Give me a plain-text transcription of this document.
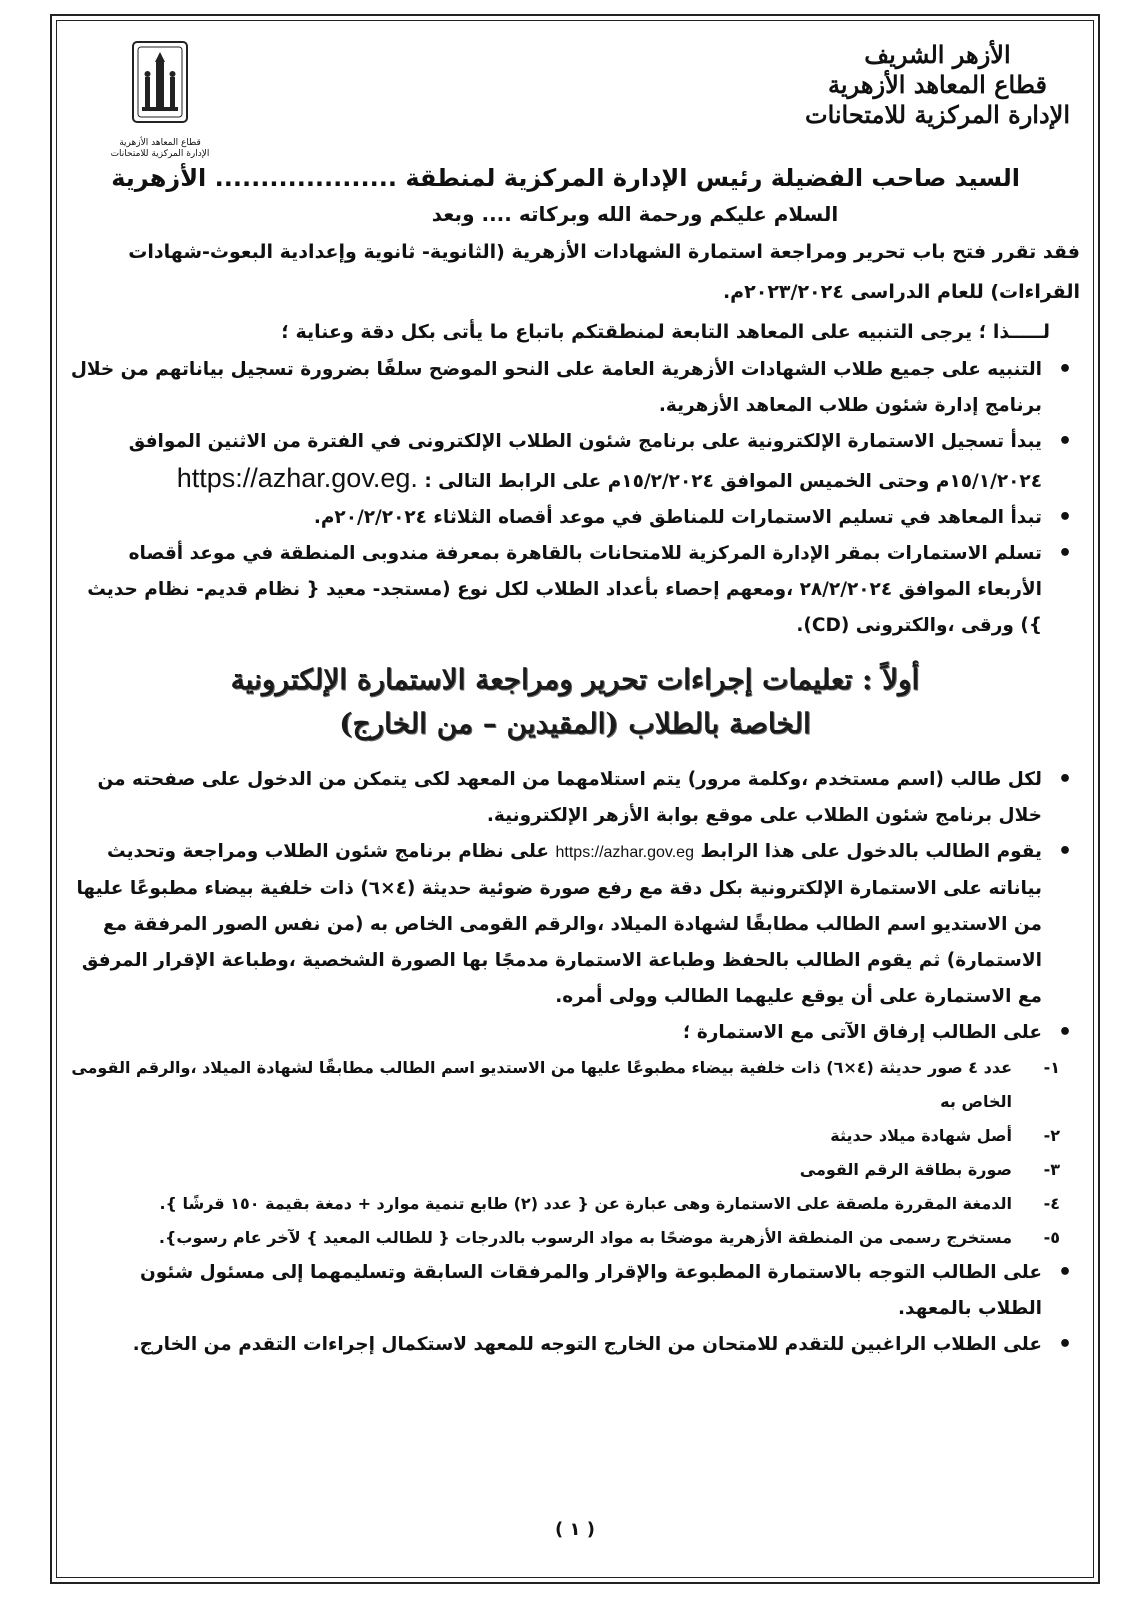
الأزهر الشريف
قطاع المعاهد الأزهرية
الإدارة المركزية للامتحانات
قطاع المعاهد الأزهرية
الإدارة المركزية للامتحانات
السيد صاحب الفضيلة رئيس الإدارة المركزية لمنطقة .................... الأزهرية
السلام عليكم ورحمة الله وبركاته .... وبعد
فقد تقرر فتح باب تحرير ومراجعة استمارة الشهادات الأزهرية (الثانوية- ثانوية وإعدادية البعوث-شهادات القراءات) للعام الدراسى ٢٠٢٣/٢٠٢٤م.
لـــــذا ؛ يرجى التنبيه على المعاهد التابعة لمنطقتكم باتباع ما يأتى بكل دقة وعناية ؛
•
التنبيه على جميع طلاب الشهادات الأزهرية العامة على النحو الموضح سلفًا بضرورة تسجيل بياناتهم من خلال برنامج إدارة شئون طلاب المعاهد الأزهرية.
•
يبدأ تسجيل الاستمارة الإلكترونية على برنامج شئون الطلاب الإلكترونى في الفترة من الاثنين الموافق ١٥/١/٢٠٢٤م وحتى الخميس الموافق ١٥/٢/٢٠٢٤م على الرابط التالى : https://azhar.gov.eg.
•
تبدأ المعاهد في تسليم الاستمارات للمناطق في موعد أقصاه الثلاثاء ٢٠/٢/٢٠٢٤م.
•
تسلم الاستمارات بمقر الإدارة المركزية للامتحانات بالقاهرة بمعرفة مندوبى المنطقة في موعد أقصاه الأربعاء الموافق ٢٨/٢/٢٠٢٤ ،ومعهم إحصاء بأعداد الطلاب لكل نوع (مستجد- معيد { نظام قديم- نظام حديث }) ورقى ،والكترونى (CD).
أولاً : تعليمات إجراءات تحرير ومراجعة الاستمارة الإلكترونية
الخاصة بالطلاب (المقيدين – من الخارج)
•
لكل طالب (اسم مستخدم ،وكلمة مرور) يتم استلامهما من المعهد لكى يتمكن من الدخول على صفحته من خلال برنامج شئون الطلاب على موقع بوابة الأزهر الإلكترونية.
•
يقوم الطالب بالدخول على هذا الرابط https://azhar.gov.eg على نظام برنامج شئون الطلاب ومراجعة وتحديث بياناته على الاستمارة الإلكترونية بكل دقة مع رفع صورة ضوئية حديثة (٤×٦) ذات خلفية بيضاء مطبوعًا عليها من الاستديو اسم الطالب مطابقًا لشهادة الميلاد ،والرقم القومى الخاص به (من نفس الصور المرفقة مع الاستمارة) ثم يقوم الطالب بالحفظ وطباعة الاستمارة مدمجًا بها الصورة الشخصية ،وطباعة الإقرار المرفق مع الاستمارة على أن يوقع عليهما الطالب وولى أمره.
•
على الطالب إرفاق الآتى مع الاستمارة ؛
١-
عدد ٤ صور حديثة (٤×٦) ذات خلفية بيضاء مطبوعًا عليها من الاستديو اسم الطالب مطابقًا لشهادة الميلاد ،والرقم القومى الخاص به
٢-
أصل شهادة ميلاد حديثة
٣-
صورة بطاقة الرقم القومى
٤-
الدمغة المقررة ملصقة على الاستمارة وهى عبارة عن { عدد (٢) طابع تنمية موارد + دمغة بقيمة ١٥٠ قرشًا }.
٥-
مستخرج رسمى من المنطقة الأزهرية موضحًا به مواد الرسوب بالدرجات { للطالب المعيد } لآخر عام رسوب}.
•
على الطالب التوجه بالاستمارة المطبوعة والإقرار والمرفقات السابقة وتسليمهما إلى مسئول شئون الطلاب بالمعهد.
•
على الطلاب الراغبين للتقدم للامتحان من الخارج التوجه للمعهد لاستكمال إجراءات التقدم من الخارج.
( ١ )
